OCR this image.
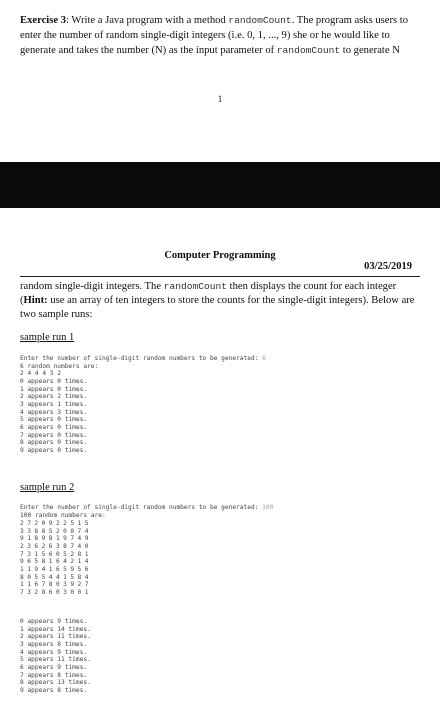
Exercise 3: Write a Java program with a method randomCount. The program asks users to enter the number of random single-digit integers (i.e. 0, 1, ..., 9) she or he would like to generate and takes the number (N) as the input parameter of randomCount to generate N

1
Computer Programming
03/25/2019

random single-digit integers. The randomCount then displays the count for each integer (Hint: use an array of ten integers to store the counts for the single-digit integers). Below are two sample runs:

sample run 1
Enter the number of single-digit random numbers to be generated: 6
6 random numbers are:
2 4 4 4 3 2
0 appears 0 times.
1 appears 0 times.
2 appears 2 times.
3 appears 1 times.
4 appears 3 times.
5 appears 0 times.
6 appears 0 times.
7 appears 0 times.
8 appears 0 times.
9 appears 0 times.
sample run 2
Enter the number of single-digit random numbers to be generated: 100
100 random numbers are:
2 7 2 0 9 2 2 5 1 5
3 3 8 8 5 2 0 8 7 4
9 1 8 9 8 1 9 7 4 9
2 3 6 2 6 3 8 7 4 0
7 3 1 5 6 0 5 2 8 1
9 6 5 8 1 6 4 2 1 4
1 1 9 4 1 6 5 9 5 6
8 0 5 5 4 4 1 5 8 4
1 1 6 7 8 0 3 9 2 7
7 3 2 8 6 0 3 0 0 1
0 appears 9 times.
1 appears 14 times.
2 appears 11 times.
3 appears 8 times.
4 appears 9 times.
5 appears 11 times.
6 appears 9 times.
7 appears 8 times.
8 appears 13 times.
9 appears 8 times.
